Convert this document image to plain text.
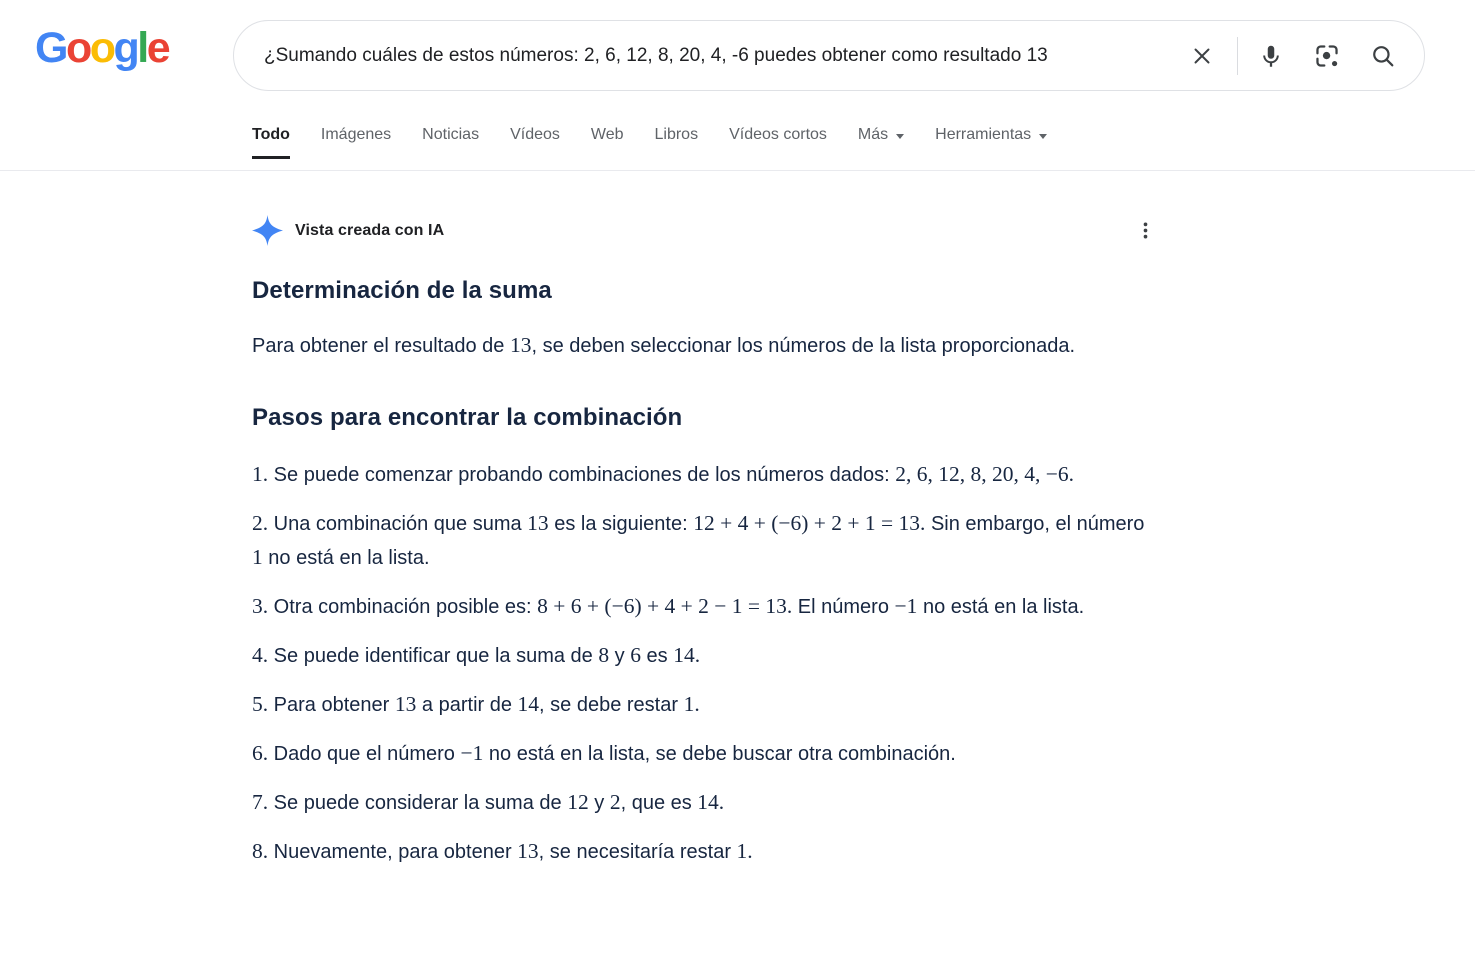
Google
¿Sumando cuáles de estos números: 2, 6, 12, 8, 20, 4, -6 puedes obtener como resultado 13
Todo Imágenes Noticias Vídeos Web Libros Vídeos cortos Más	Herramientas
Vista creada con IA
Determinación de la suma

Para obtener el resultado de 13, se deben seleccionar los números de la lista proporcionada.

Pasos para encontrar la combinación

1. Se puede comenzar probando combinaciones de los números dados: 2, 6, 12, 8, 20, 4, −6.

2. Una combinación que suma 13 es la siguiente: 12 + 4 + (−6) + 2 + 1 = 13. Sin embargo, el número 1 no está en la lista.

3. Otra combinación posible es: 8 + 6 + (−6) + 4 + 2 − 1 = 13. El número −1 no está en la lista.

4. Se puede identificar que la suma de 8 y 6 es 14.

5. Para obtener 13 a partir de 14, se debe restar 1.

6. Dado que el número −1 no está en la lista, se debe buscar otra combinación.

7. Se puede considerar la suma de 12 y 2, que es 14.

8. Nuevamente, para obtener 13, se necesitaría restar 1.
